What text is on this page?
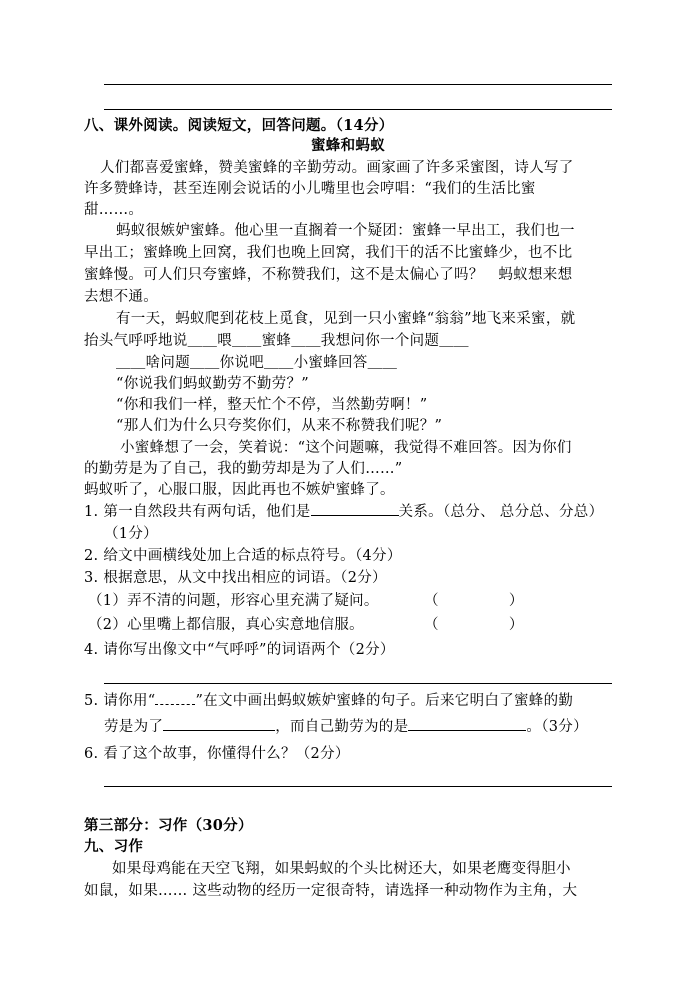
八、课外阅读。阅读短文，回答问题。（14分）
蜜蜂和蚂蚁
人们都喜爱蜜蜂，赞美蜜蜂的辛勤劳动。画家画了许多采蜜图，诗人写了
许多赞蜂诗，甚至连刚会说话的小儿嘴里也会哼唱：“我们的生活比蜜
甜……。
蚂蚁很嫉妒蜜蜂。他心里一直搁着一个疑团：蜜蜂一早出工，我们也一
早出工；蜜蜂晚上回窝，我们也晚上回窝，我们干的活不比蜜蜂少，也不比
蜜蜂慢。可人们只夸蜜蜂，不称赞我们，这不是太偏心了吗？　蚂蚁想来想
去想不通。
有一天，蚂蚁爬到花枝上觅食，见到一只小蜜蜂“翁翁”地飞来采蜜，就
抬头气呼呼地说＿＿喂＿＿蜜蜂＿＿我想问你一个问题＿＿
＿＿啥问题＿＿你说吧＿＿小蜜蜂回答＿＿
“你说我们蚂蚁勤劳不勤劳？”
“你和我们一样，整天忙个不停，当然勤劳啊！”
“那人们为什么只夸奖你们，从来不称赞我们呢？”
小蜜蜂想了一会，笑着说：“这个问题嘛，我觉得不难回答。因为你们
的勤劳是为了自己，我的勤劳却是为了人们……”
蚂蚁听了，心服口服，因此再也不嫉妒蜜蜂了。
1. 第一自然段共有两句话，他们是	关系。（总分、 总分总、分总）
（1分）
2. 给文中画横线处加上合适的标点符号。（4分）
3. 根据意思，从文中找出相应的词语。（2分）
（1）弄不清的问题，形容心里充满了疑问。	（	）
（2）心里嘴上都信服，真心实意地信服。	（	）
4. 请你写出像文中“气呼呼”的词语两个（2分）
5. 请你用“	”在文中画出蚂蚁嫉妒蜜蜂的句子。后来它明白了蜜蜂的勤
劳是为了	，而自己勤劳为的是	。（3分）
6. 看了这个故事，你懂得什么？（2分）
第三部分：习作（30分）
九、习作
如果母鸡能在天空飞翔，如果蚂蚁的个头比树还大，如果老鹰变得胆小
如鼠，如果…… 这些动物的经历一定很奇特，请选择一种动物作为主角，大
